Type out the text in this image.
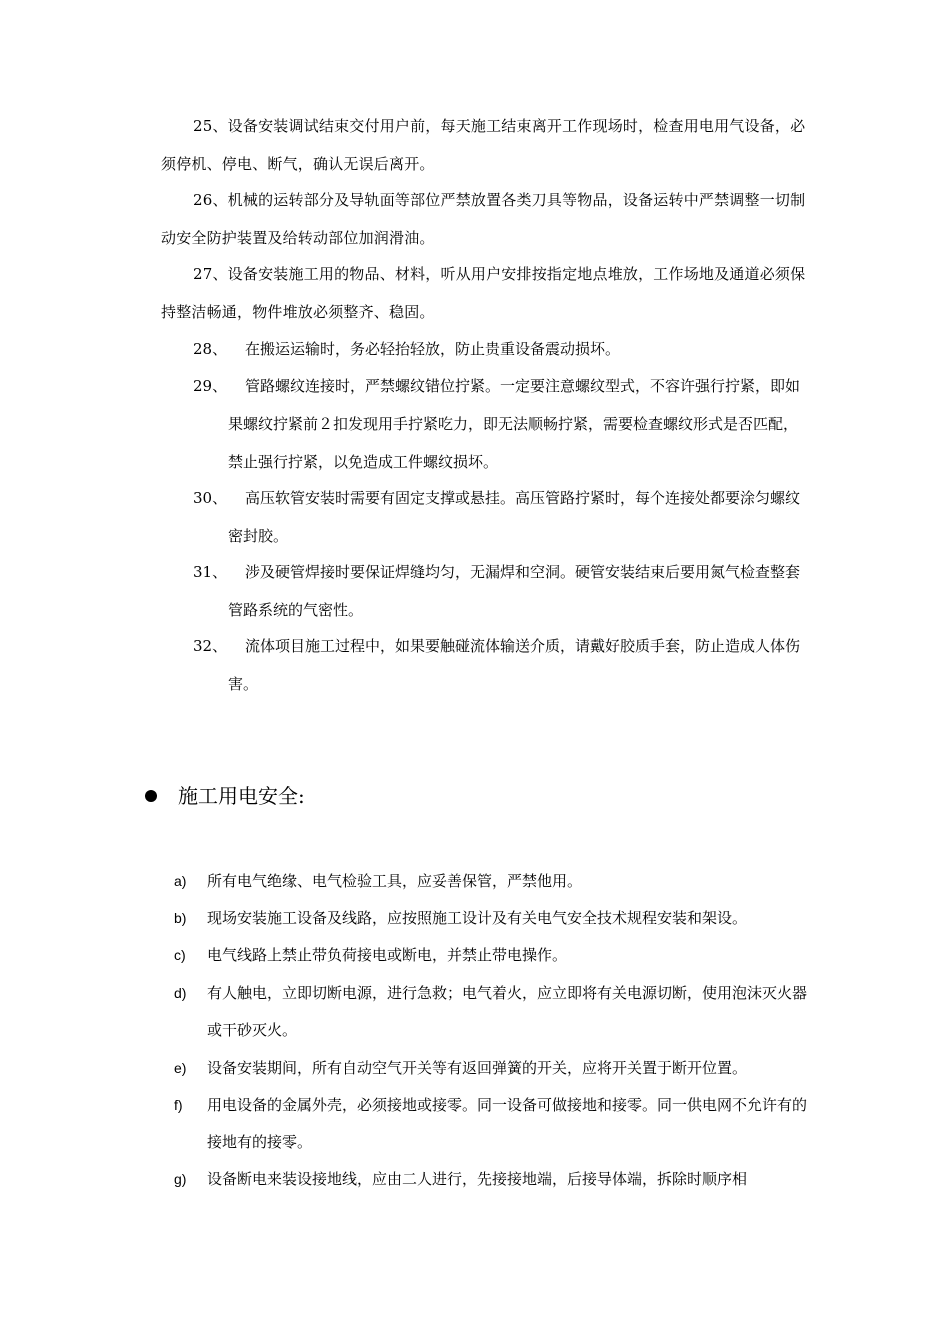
25、设备安装调试结束交付用户前，每天施工结束离开工作现场时，检查用电用气设备，必须停机、停电、断气，确认无误后离开。
26、机械的运转部分及导轨面等部位严禁放置各类刀具等物品，设备运转中严禁调整一切制动安全防护装置及给转动部位加润滑油。
27、设备安装施工用的物品、材料，听从用户安排按指定地点堆放，工作场地及通道必须保持整洁畅通，物件堆放必须整齐、稳固。
28、	在搬运运输时，务必轻抬轻放，防止贵重设备震动损坏。
29、	管路螺纹连接时，严禁螺纹错位拧紧。一定要注意螺纹型式，不容许强行拧紧，即如果螺纹拧紧前２扣发现用手拧紧吃力，即无法顺畅拧紧，需要检查螺纹形式是否匹配，禁止强行拧紧，以免造成工件螺纹损坏。
30、	高压软管安装时需要有固定支撑或悬挂。高压管路拧紧时，每个连接处都要涂匀螺纹密封胶。
31、	涉及硬管焊接时要保证焊缝均匀，无漏焊和空洞。硬管安装结束后要用氮气检查整套管路系统的气密性。
32、	流体项目施工过程中，如果要触碰流体输送介质，请戴好胶质手套，防止造成人体伤害。
施工用电安全:
a) 所有电气绝缘、电气检验工具，应妥善保管，严禁他用。
b) 现场安装施工设备及线路，应按照施工设计及有关电气安全技术规程安装和架设。
c) 电气线路上禁止带负荷接电或断电，并禁止带电操作。
d) 有人触电，立即切断电源，进行急救；电气着火，应立即将有关电源切断，使用泡沫灭火器或干砂灭火。
e) 设备安装期间，所有自动空气开关等有返回弹簧的开关，应将开关置于断开位置。
f) 用电设备的金属外壳，必须接地或接零。同一设备可做接地和接零。同一供电网不允许有的接地有的接零。
g) 设备断电来装设接地线，应由二人进行，先接接地端，后接导体端，拆除时顺序相
